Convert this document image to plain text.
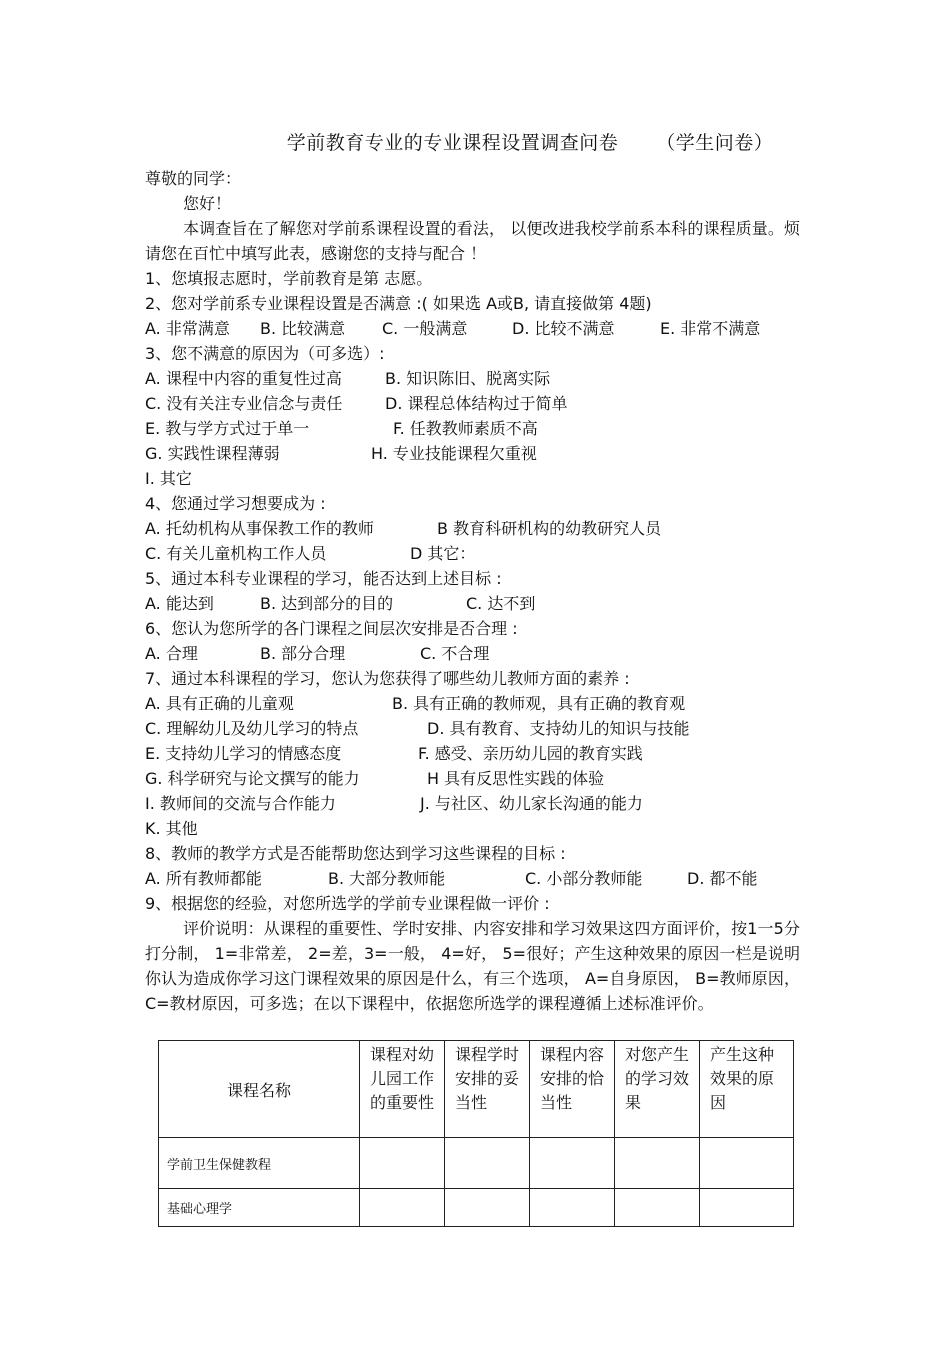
学前教育专业的专业课程设置调查问卷 （学生问卷）
尊敬的同学：
您好！
本调查旨在了解您对学前系课程设置的看法， 以便改进我校学前系本科的课程质量。烦请您在百忙中填写此表，感谢您的支持与配合 ！
1、您填报志愿时，学前教育是第 志愿。
2、您对学前系专业课程设置是否满意 :( 如果选 A或B, 请直接做第 4题)
A. 非常满意 B. 比较满意 C. 一般满意	D. 比较不满意	E. 非常不满意
3、您不满意的原因为（可多选）:
A. 课程中内容的重复性过高	B. 知识陈旧、脱离实际
C. 没有关注专业信念与责任	D. 课程总体结构过于简单
E. 教与学方式过于单一	F. 任教教师素质不高
G. 实践性课程薄弱	H. 专业技能课程欠重视
I. 其它
4、您通过学习想要成为 :
A. 托幼机构从事保教工作的教师	B 教育科研机构的幼教研究人员
C. 有关儿童机构工作人员	D 其它：
5、通过本科专业课程的学习，能否达到上述目标 :
A. 能达到	B. 达到部分的目的	C. 达不到
6、您认为您所学的各门课程之间层次安排是否合理 :
A. 合理	B. 部分合理	C. 不合理
7、通过本科课程的学习，您认为您获得了哪些幼儿教师方面的素养 :
A. 具有正确的儿童观	B. 具有正确的教师观，具有正确的教育观
C. 理解幼儿及幼儿学习的特点	D. 具有教育、支持幼儿的知识与技能
E. 支持幼儿学习的情感态度	F. 感受、亲历幼儿园的教育实践
G. 科学研究与论文撰写的能力	H 具有反思性实践的体验
I. 教师间的交流与合作能力	J. 与社区、幼儿家长沟通的能力
K. 其他
8、教师的教学方式是否能帮助您达到学习这些课程的目标 :
A. 所有教师都能	B. 大部分教师能	C. 小部分教师能	D. 都不能
9、根据您的经验，对您所选学的学前专业课程做一评价 :
评价说明：从课程的重要性、学时安排、内容安排和学习效果这四方面评价，按1一5分打分制， 1=非常差， 2=差，3=一般， 4=好， 5=很好；产生这种效果的原因一栏是说明你认为造成你学习这门课程效果的原因是什么，有三个选项， A=自身原因， B=教师原因， C=教材原因，可多选；在以下课程中，依据您所选学的课程遵循上述标准评价。
课程名称	课程对幼儿园工作的重要性	课程学时安排的妥当性	课程内容安排的恰当性	对您产生的学习效果	产生这种效果的原因
学前卫生保健教程					
基础心理学					
